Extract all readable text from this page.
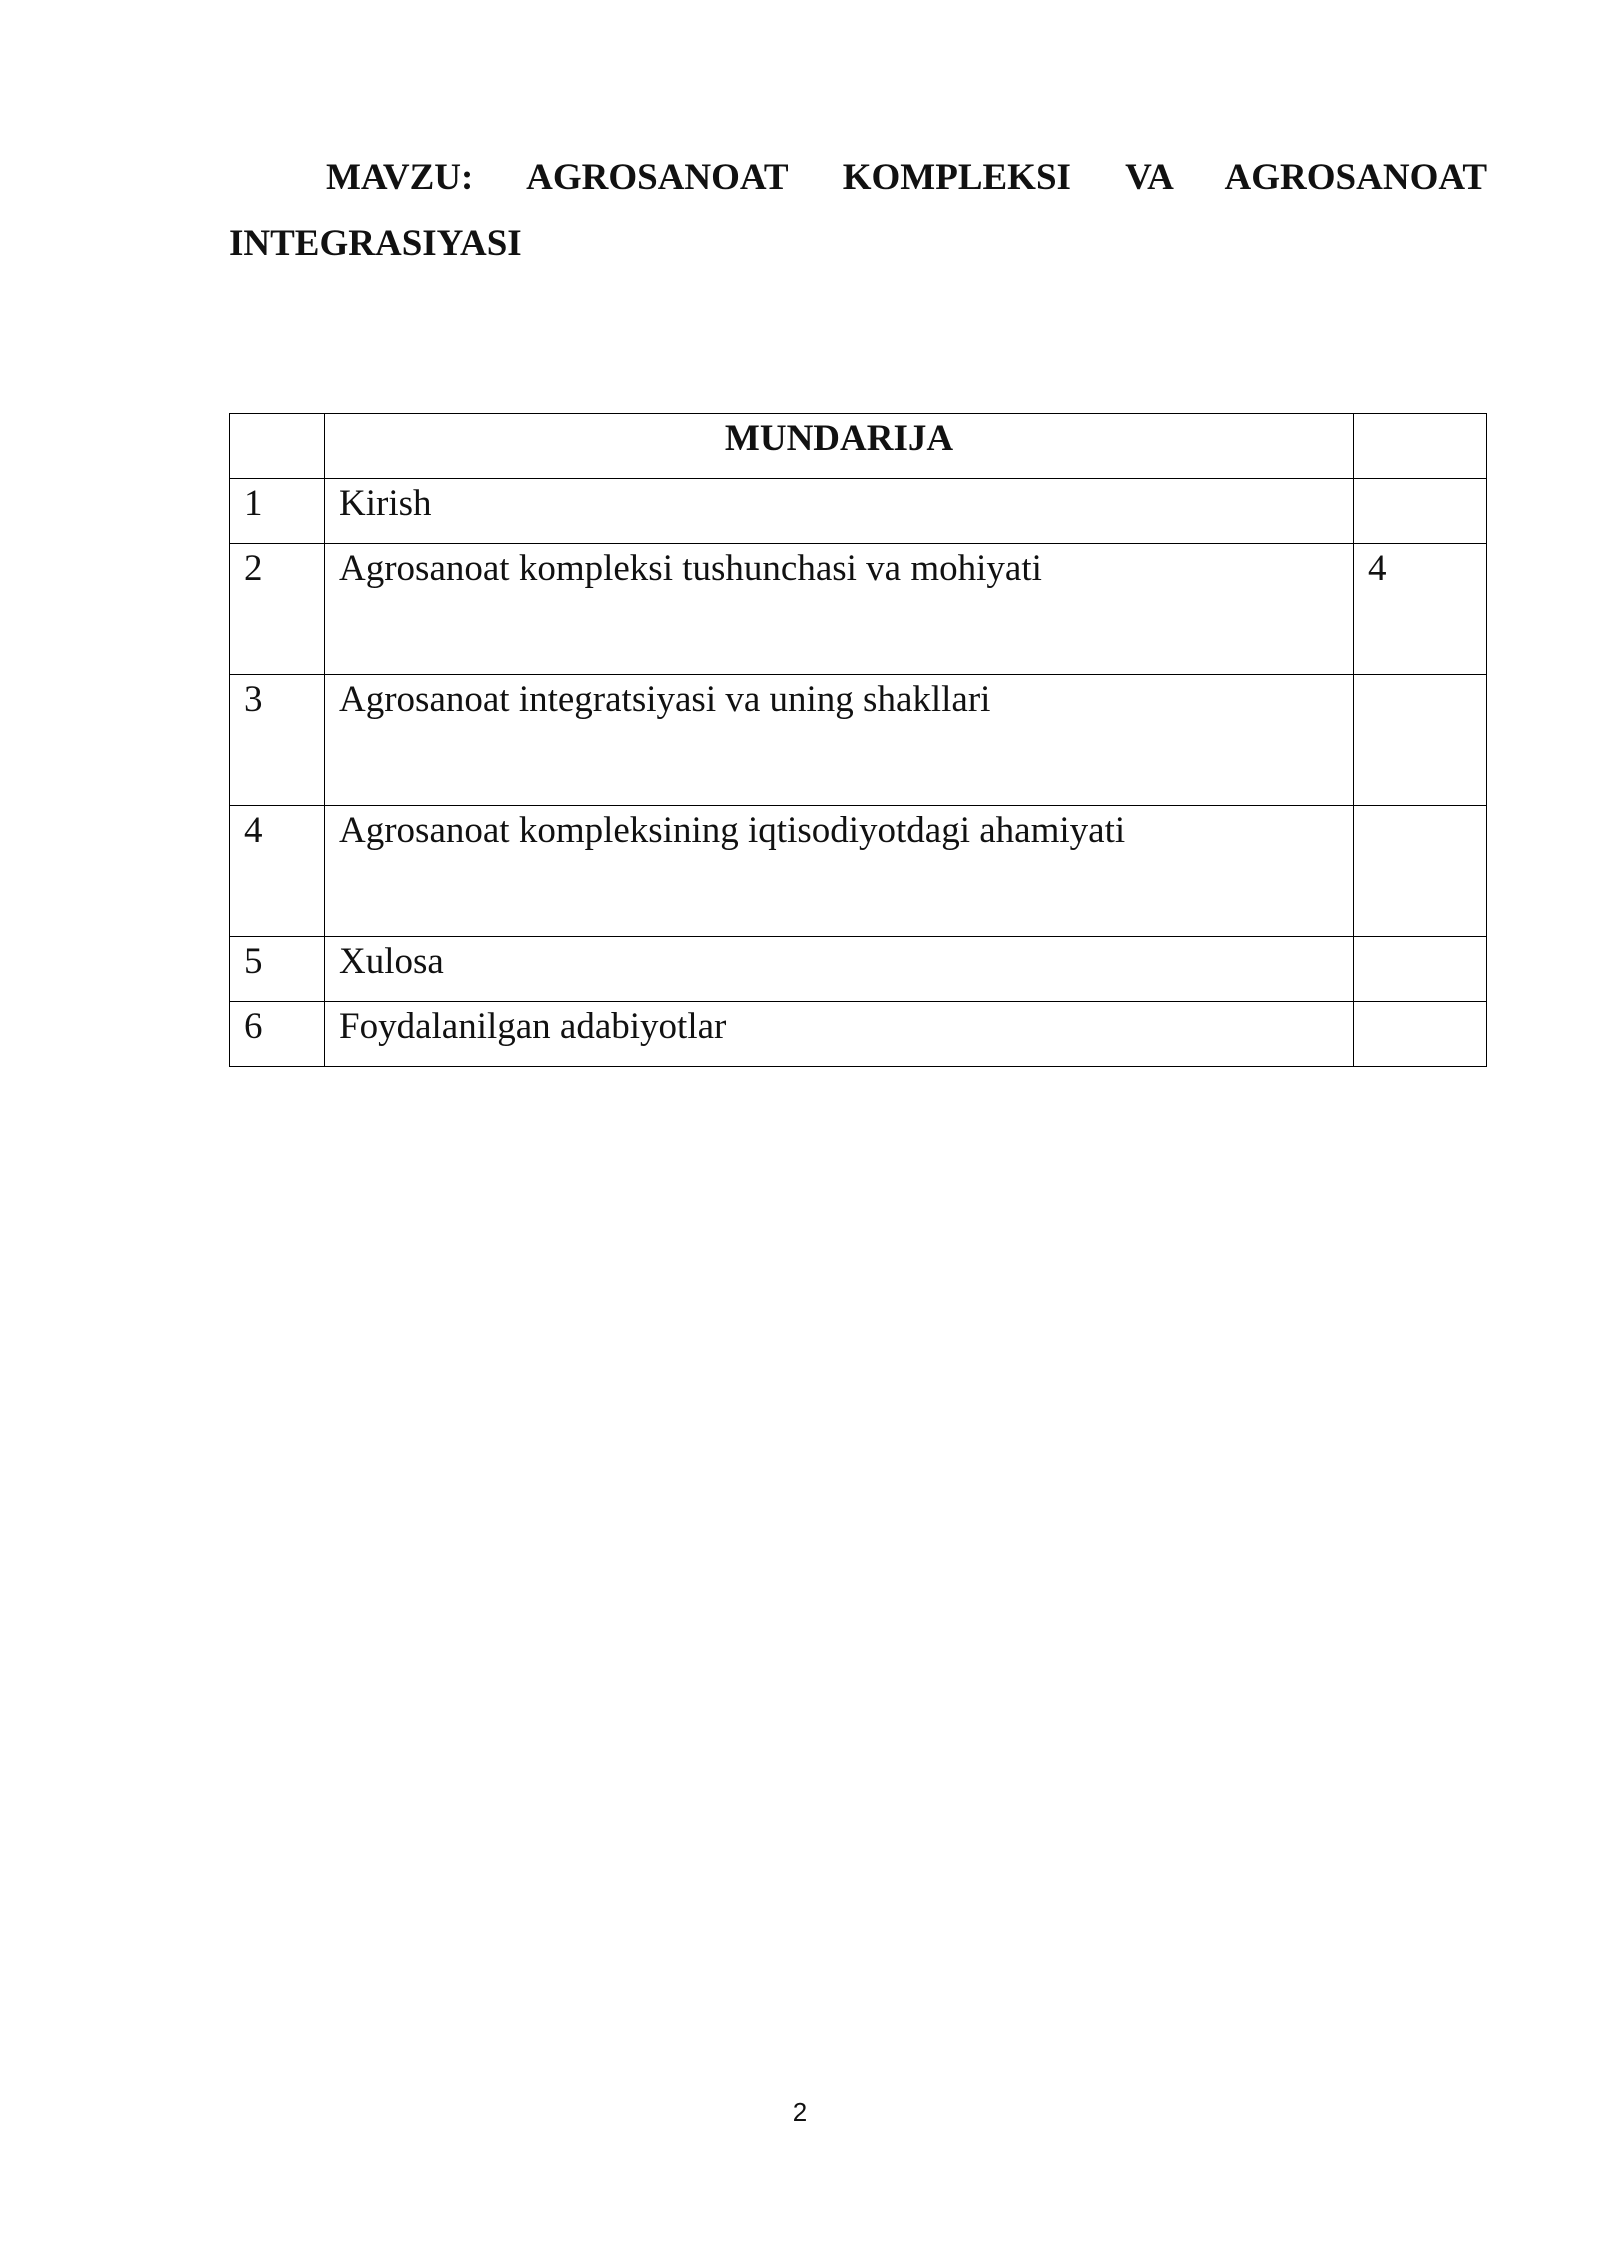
MAVZU: AGROSANOAT KOMPLEKSI VA AGROSANOAT INTEGRASIYASI

	MUNDARIJA	
1	Kirish	
2	Agrosanoat kompleksi tushunchasi va mohiyati	4
3	Agrosanoat integratsiyasi va uning shakllari	
4	Agrosanoat kompleksining iqtisodiyotdagi ahamiyati	
5	Xulosa	
6	Foydalanilgan adabiyotlar	
2
